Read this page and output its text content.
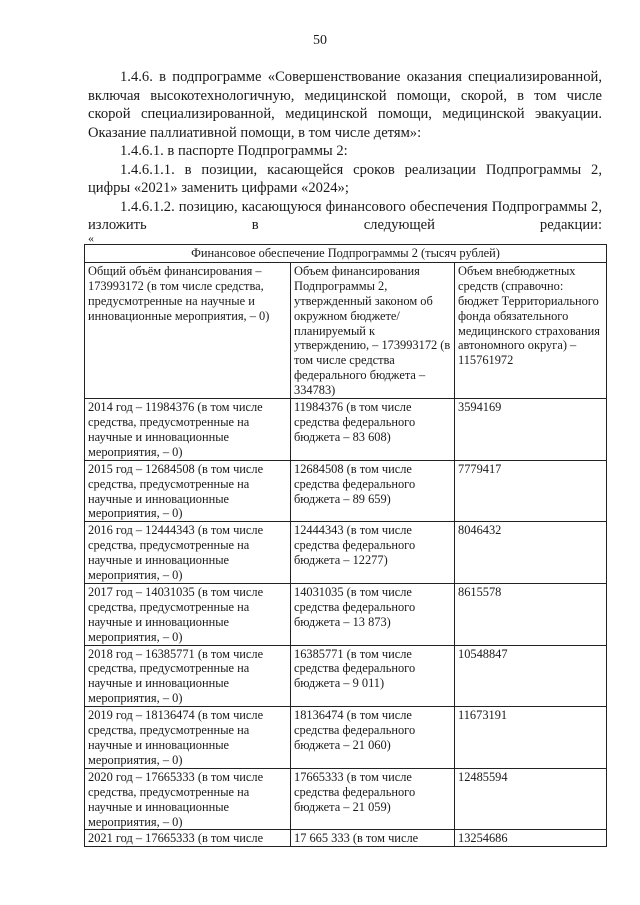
50

1.4.6. в подпрограмме «Совершенствование оказания специализированной, включая высокотехнологичную, медицинской помощи, скорой, в том числе скорой специализированной, медицинской помощи, медицинской эвакуации. Оказание паллиативной помощи, в том числе детям»:

1.4.6.1. в паспорте Подпрограммы 2:

1.4.6.1.1. в позиции, касающейся сроков реализации Подпрограммы 2, цифры «2021» заменить цифрами «2024»;

1.4.6.1.2. позицию, касающуюся финансового обеспечения Подпрограммы 2, изложить в следующей редакции:

«
Финансовое обеспечение Подпрограммы 2 (тысяч рублей)		
Общий объём финансирования – 173993172 (в том числе средства, предусмотренные на научные и инновационные мероприятия, – 0)	Объем финансирования Подпрограммы 2, утвержденный законом об окружном бюджете/планируемый к утверждению, – 173993172 (в том числе средства федерального бюджета – 334783)	Объем внебюджетных средств (справочно: бюджет Территориального фонда обязательного медицинского страхования автономного округа) – 115761972
2014 год – 11984376 (в том числе средства, предусмотренные на научные и инновационные мероприятия, – 0)	11984376 (в том числе средства федерального бюджета – 83 608)	3594169
2015 год – 12684508 (в том числе средства, предусмотренные на научные и инновационные мероприятия, – 0)	12684508 (в том числе средства федерального бюджета – 89 659)	7779417
2016 год – 12444343 (в том числе средства, предусмотренные на научные и инновационные мероприятия, – 0)	12444343 (в том числе средства федерального бюджета – 12277)	8046432
2017 год – 14031035 (в том числе средства, предусмотренные на научные и инновационные мероприятия, – 0)	14031035 (в том числе средства федерального бюджета – 13 873)	8615578
2018 год – 16385771 (в том числе средства, предусмотренные на научные и инновационные мероприятия, – 0)	16385771 (в том числе средства федерального бюджета – 9 011)	10548847
2019 год – 18136474 (в том числе средства, предусмотренные на научные и инновационные мероприятия, – 0)	18136474 (в том числе средства федерального бюджета – 21 060)	11673191
2020 год – 17665333 (в том числе средства, предусмотренные на научные и инновационные мероприятия, – 0)	17665333 (в том числе средства федерального бюджета – 21 059)	12485594
2021 год – 17665333 (в том числе	17 665 333 (в том числе	13254686
